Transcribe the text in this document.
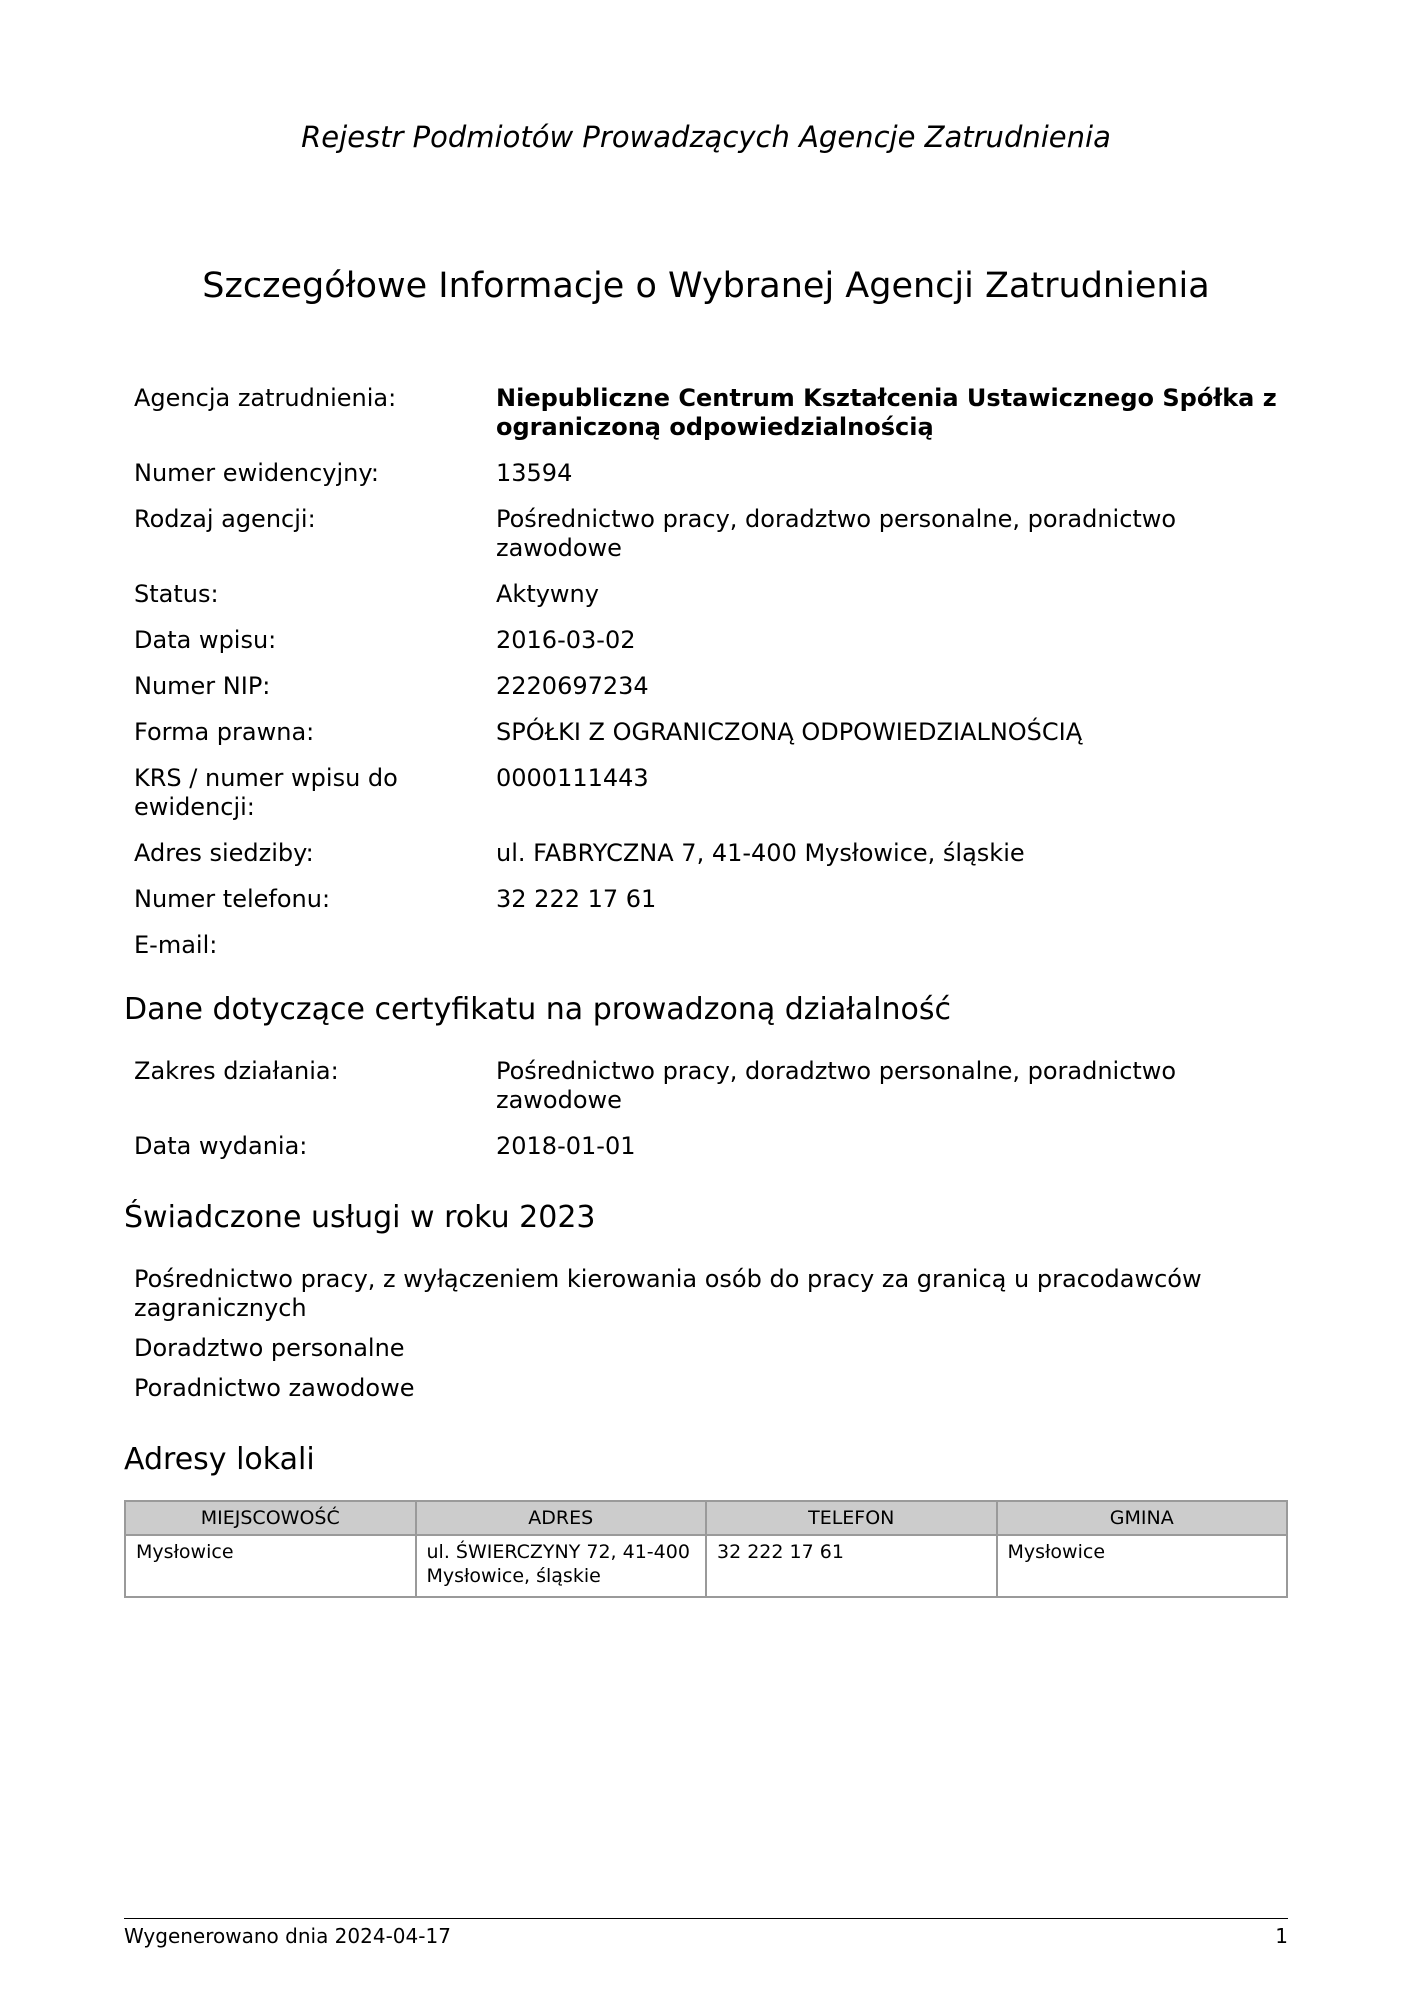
Rejestr Podmiotów Prowadzących Agencje Zatrudnienia
Szczegółowe Informacje o Wybranej Agencji Zatrudnienia
Agencja zatrudnienia:	Niepubliczne Centrum Kształcenia Ustawicznego Spółka z ograniczoną odpowiedzialnością
Numer ewidencyjny:	13594
Rodzaj agencji:	Pośrednictwo pracy, doradztwo personalne, poradnictwo zawodowe
Status:	Aktywny
Data wpisu:	2016-03-02
Numer NIP:	2220697234
Forma prawna:	SPÓŁKI Z OGRANICZONĄ ODPOWIEDZIALNOŚCIĄ
KRS / numer wpisu do ewidencji:
0000111443
Adres siedziby:	ul. FABRYCZNA 7, 41-400 Mysłowice, śląskie
Numer telefonu:	32 222 17 61
E-mail:
Dane dotyczące certyfikatu na prowadzoną działalność
Zakres działania:	Pośrednictwo pracy, doradztwo personalne, poradnictwo zawodowe
Data wydania:	2018-01-01
Świadczone usługi w roku 2023
Pośrednictwo pracy, z wyłączeniem kierowania osób do pracy za granicą u pracodawców zagranicznych
Doradztwo personalne
Poradnictwo zawodowe
Adresy lokali
MIEJSCOWOŚĆ	ADRES	TELEFON	GMINA
Mysłowice	ul. ŚWIERCZYNY 72, 41-400 Mysłowice, śląskie	32 222 17 61	Mysłowice
Wygenerowano dnia 2024-04-17	1
